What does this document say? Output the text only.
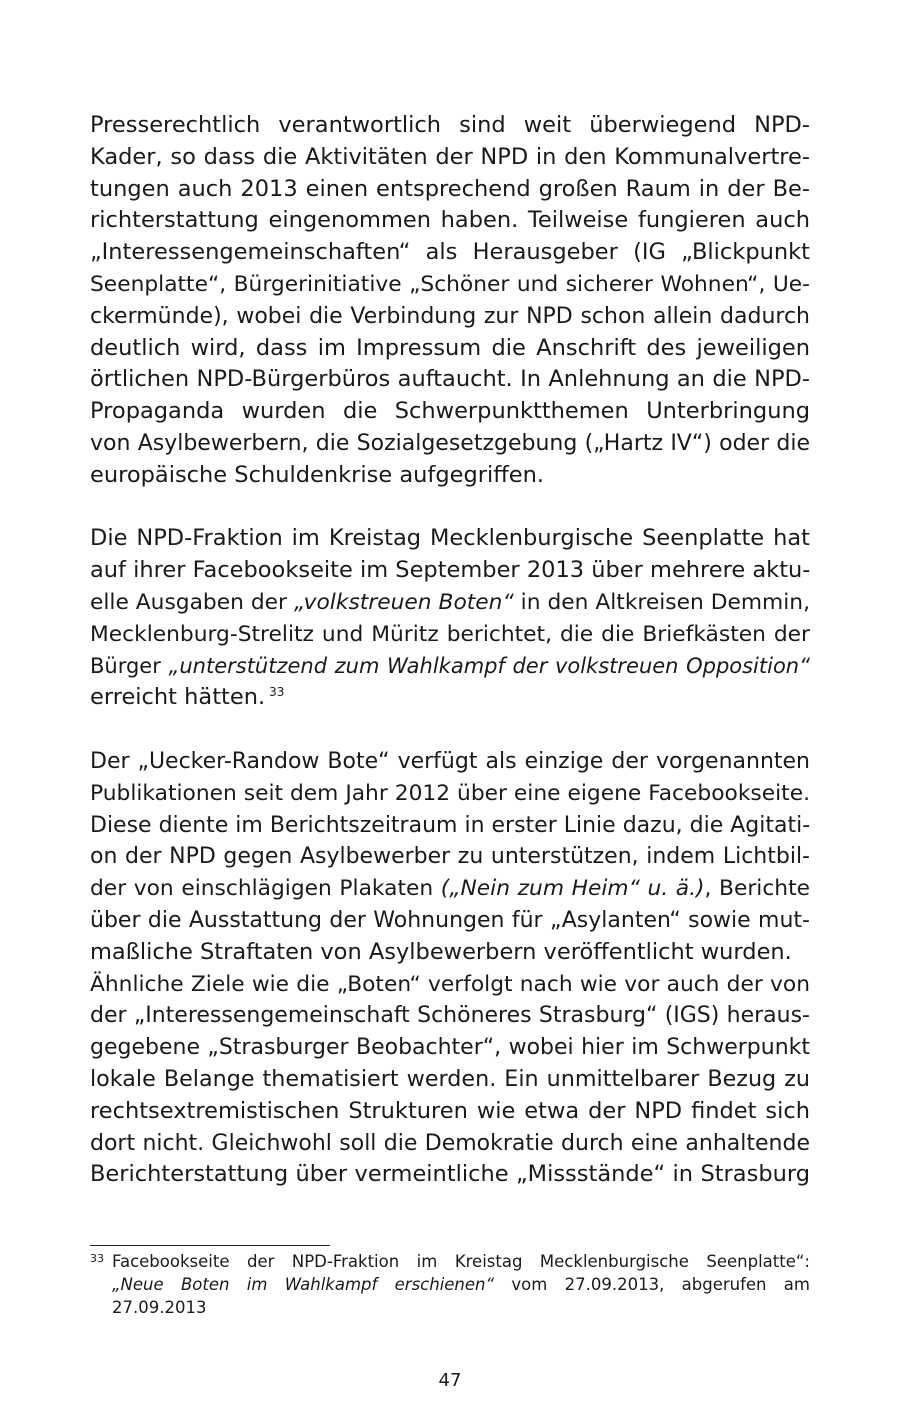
Presserechtlich verantwortlich sind weit überwiegend NPD-
Kader, so dass die Aktivitäten der NPD in den Kommunalvertre-
tungen auch 2013 einen entsprechend großen Raum in der Be-
richterstattung eingenommen haben. Teilweise fungieren auch
„Interessengemeinschaften“ als Herausgeber (IG „Blickpunkt
Seenplatte“, Bürgerinitiative „Schöner und sicherer Wohnen“, Ue-
ckermünde), wobei die Verbindung zur NPD schon allein dadurch
deutlich wird, dass im Impressum die Anschrift des jeweiligen
örtlichen NPD-Bürgerbüros auftaucht. In Anlehnung an die NPD-
Propaganda wurden die Schwerpunktthemen Unterbringung
von Asylbewerbern, die Sozialgesetzgebung („Hartz IV“) oder die
europäische Schuldenkrise aufgegriffen.
Die NPD-Fraktion im Kreistag Mecklenburgische Seenplatte hat
auf ihrer Facebookseite im September 2013 über mehrere aktu-
elle Ausgaben der „volkstreuen Boten“ in den Altkreisen Demmin,
Mecklenburg-Strelitz und Müritz berichtet, die die Briefkästen der
Bürger „unterstützend zum Wahlkampf der volkstreuen Opposition“
erreicht hätten. $^{33}$
Der „Uecker-Randow Bote“ verfügt als einzige der vorgenannten
Publikationen seit dem Jahr 2012 über eine eigene Facebookseite.
Diese diente im Berichtszeitraum in erster Linie dazu, die Agitati-
on der NPD gegen Asylbewerber zu unterstützen, indem Lichtbil-
der von einschlägigen Plakaten („Nein zum Heim“ u. ä.), Berichte
über die Ausstattung der Wohnungen für „Asylanten“ sowie mut-
maßliche Straftaten von Asylbewerbern veröffentlicht wurden.
Ähnliche Ziele wie die „Boten“ verfolgt nach wie vor auch der von
der „Interessengemeinschaft Schöneres Strasburg“ (IGS) heraus-
gegebene „Strasburger Beobachter“, wobei hier im Schwerpunkt
lokale Belange thematisiert werden. Ein unmittelbarer Bezug zu
rechtsextremistischen Strukturen wie etwa der NPD findet sich
dort nicht. Gleichwohl soll die Demokratie durch eine anhaltende
Berichterstattung über vermeintliche „Missstände“ in Strasburg
33 Facebookseite der NPD-Fraktion im Kreistag Mecklenburgische Seenplatte“:
„Neue Boten im Wahlkampf erschienen“ vom 27.09.2013, abgerufen am
27.09.2013
47
